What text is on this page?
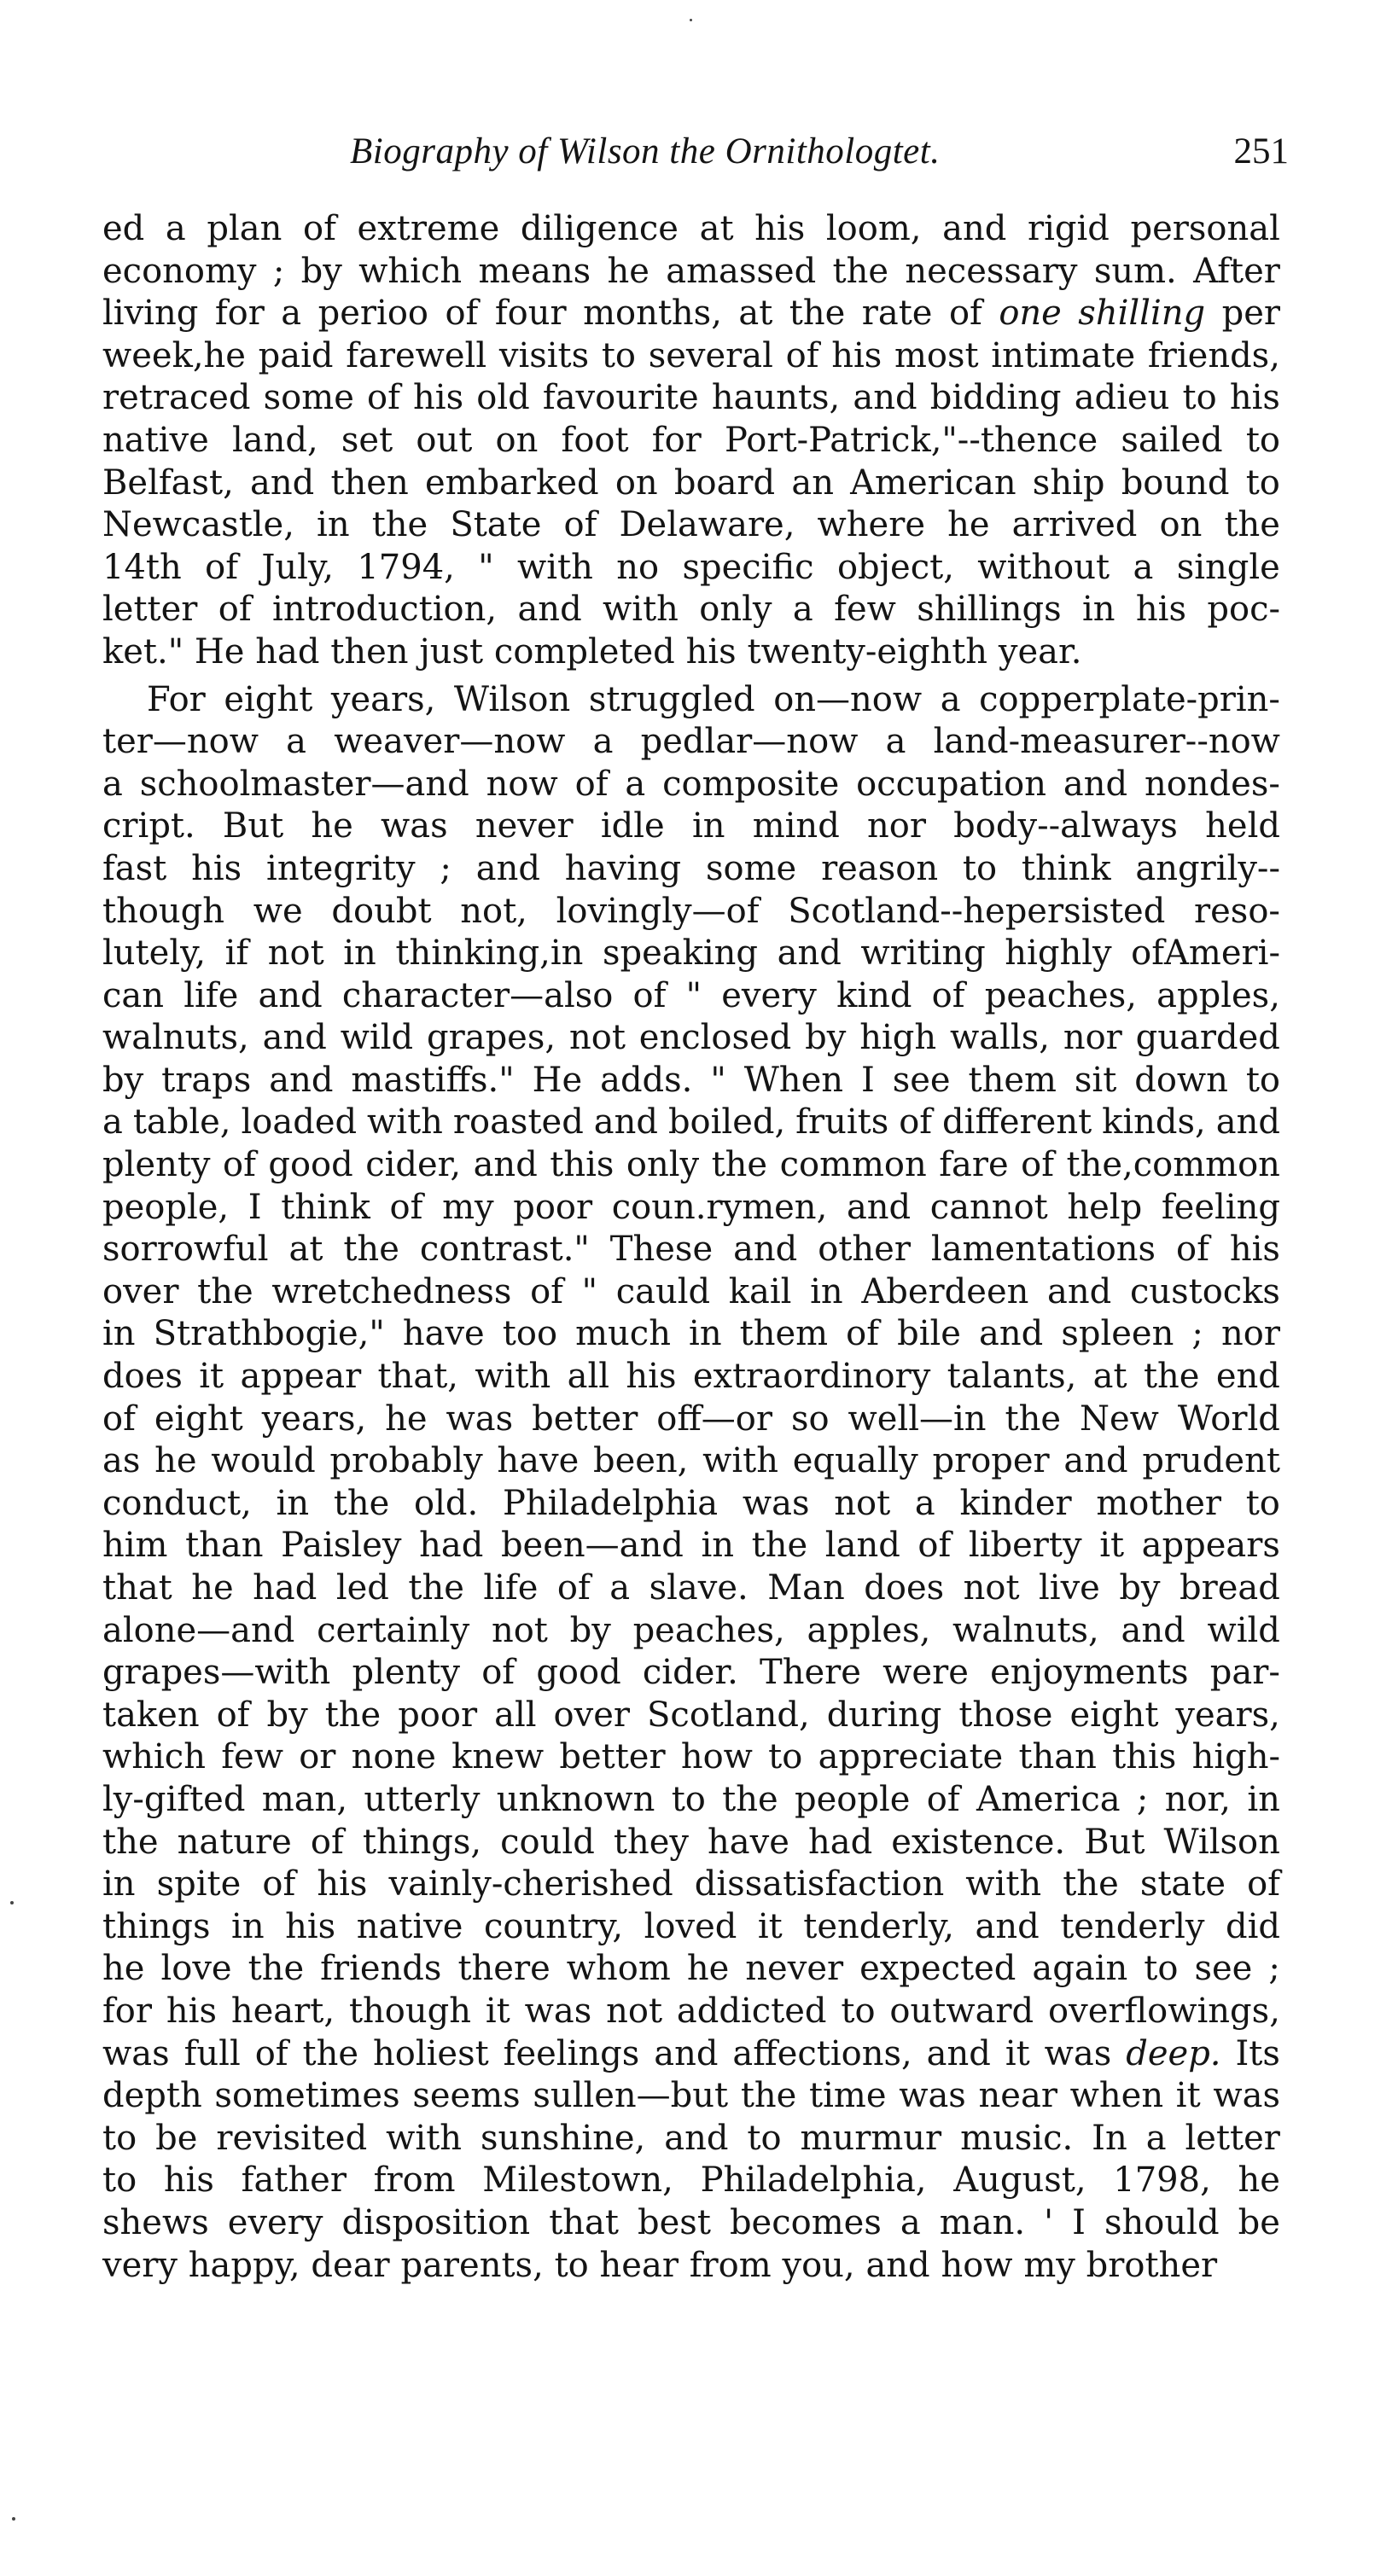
Biography of Wilson the Ornithologtet.	251
ed a plan of extreme diligence at his loom, and rigid personal
economy ; by which means he amassed the necessary sum. After
living for a perioo of four months, at the rate of one shilling per
week,he paid farewell visits to several of his most intimate friends,
retraced some of his old favourite haunts, and bidding adieu to his
native land, set out on foot for Port-Patrick,"--thence sailed to
Belfast, and then embarked on board an American ship bound to
Newcastle, in the State of Delaware, where he arrived on the
14th of July, 1794, " with no specific object, without a single
letter of introduction, and with only a few shillings in his poc-
ket." He had then just completed his twenty-eighth year.
For eight years, Wilson struggled on—now a copperplate-prin-
ter—now a weaver—now a pedlar—now a land-measurer--now
a schoolmaster—and now of a composite occupation and nondes-
cript. But he was never idle in mind nor body--always held
fast his integrity ; and having some reason to think angrily--
though we doubt not, lovingly—of Scotland--hepersisted reso-
lutely, if not in thinking,in speaking and writing highly ofAmeri-
can life and character—also of " every kind of peaches, apples,
walnuts, and wild grapes, not enclosed by high walls, nor guarded
by traps and mastiffs." He adds. " When I see them sit down to
a table, loaded with roasted and boiled, fruits of different kinds, and
plenty of good cider, and this only the common fare of the,common
people, I think of my poor coun.rymen, and cannot help feeling
sorrowful at the contrast." These and other lamentations of his
over the wretchedness of " cauld kail in Aberdeen and custocks
in Strathbogie," have too much in them of bile and spleen ; nor
does it appear that, with all his extraordinory talants, at the end
of eight years, he was better off—or so well—in the New World
as he would probably have been, with equally proper and prudent
conduct, in the old. Philadelphia was not a kinder mother to
him than Paisley had been—and in the land of liberty it appears
that he had led the life of a slave. Man does not live by bread
alone—and certainly not by peaches, apples, walnuts, and wild
grapes—with plenty of good cider. There were enjoyments par-
taken of by the poor all over Scotland, during those eight years,
which few or none knew better how to appreciate than this high-
ly-gifted man, utterly unknown to the people of America ; nor, in
the nature of things, could they have had existence. But Wilson
in spite of his vainly-cherished dissatisfaction with the state of
things in his native country, loved it tenderly, and tenderly did
he love the friends there whom he never expected again to see ;
for his heart, though it was not addicted to outward overflowings,
was full of the holiest feelings and affections, and it was deep. Its
depth sometimes seems sullen—but the time was near when it was
to be revisited with sunshine, and to murmur music. In a letter
to his father from Milestown, Philadelphia, August, 1798, he
shews every disposition that best becomes a man. ' I should be
very happy, dear parents, to hear from you, and how my brother
